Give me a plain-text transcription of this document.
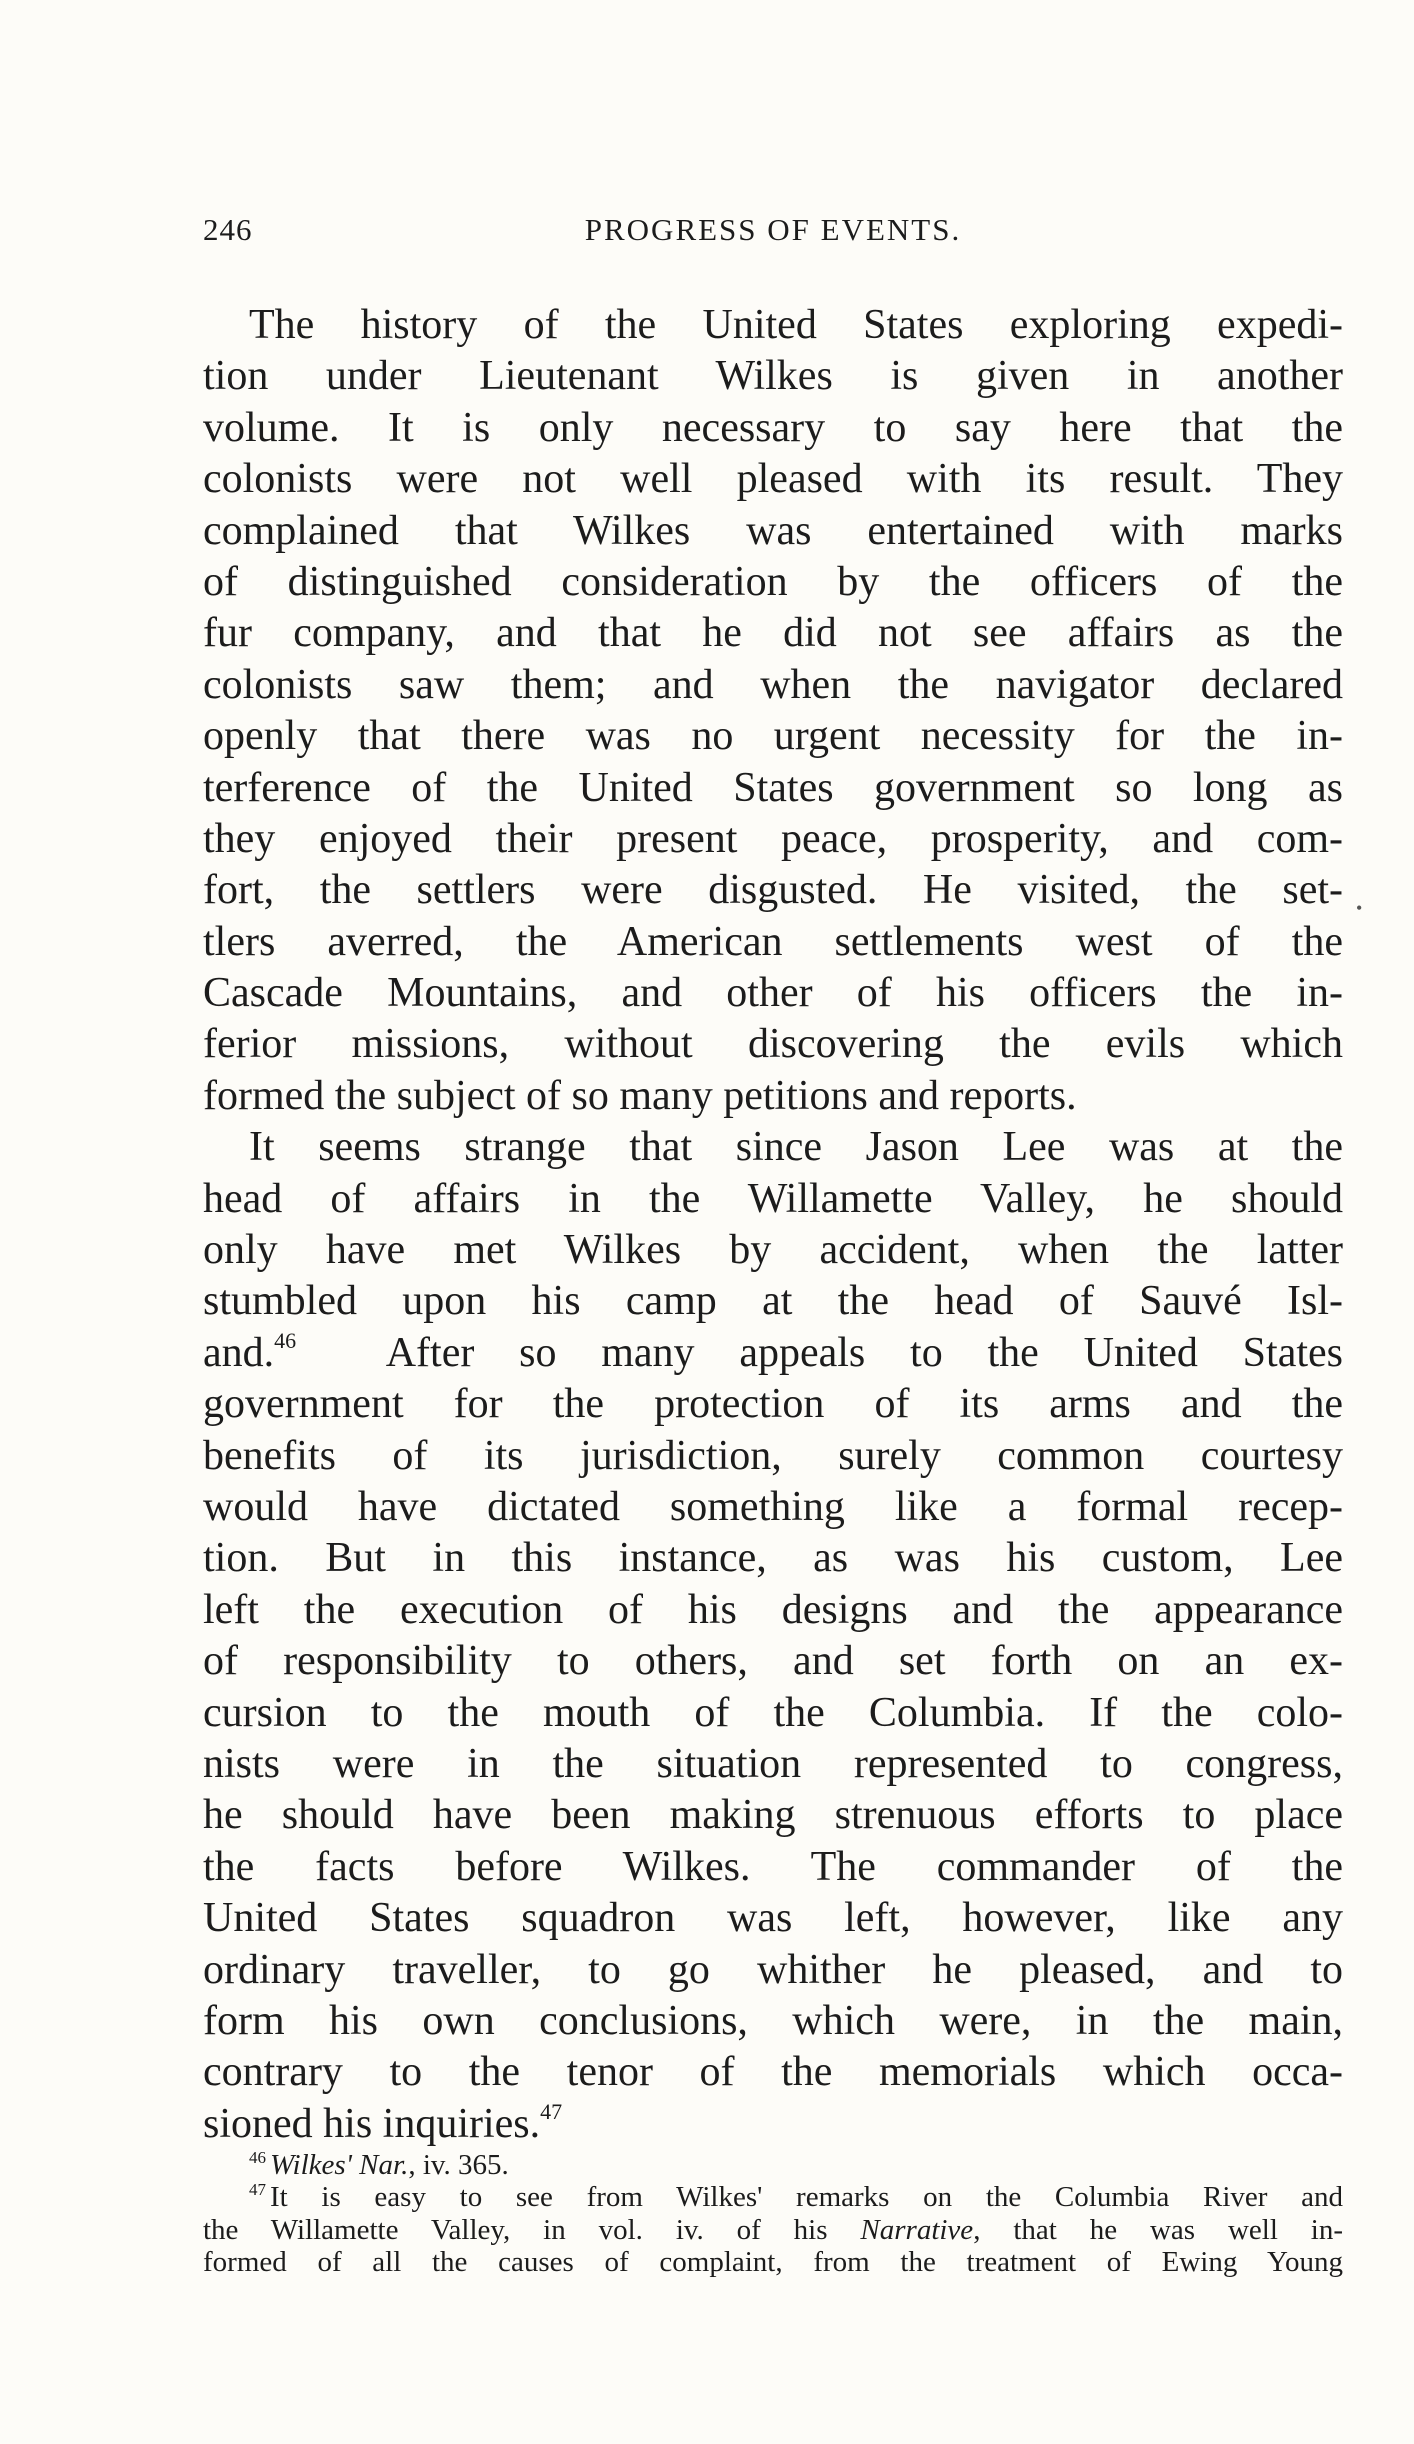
246	PROGRESS OF EVENTS.
The history of the United States exploring expedi-
tion under Lieutenant Wilkes is given in another
volume. It is only necessary to say here that the
colonists were not well pleased with its result. They
complained that Wilkes was entertained with marks
of distinguished consideration by the officers of the
fur company, and that he did not see affairs as the
colonists saw them; and when the navigator declared
openly that there was no urgent necessity for the in-
terference of the United States government so long as
they enjoyed their present peace, prosperity, and com-
fort, the settlers were disgusted. He visited, the set-
tlers averred, the American settlements west of the
Cascade Mountains, and other of his officers the in-
ferior missions, without discovering the evils which
formed the subject of so many petitions and reports.
It seems strange that since Jason Lee was at the
head of affairs in the Willamette Valley, he should
only have met Wilkes by accident, when the latter
stumbled upon his camp at the head of Sauvé Isl-
and.$^{46}$ After so many appeals to the United States
government for the protection of its arms and the
benefits of its jurisdiction, surely common courtesy
would have dictated something like a formal recep-
tion. But in this instance, as was his custom, Lee
left the execution of his designs and the appearance
of responsibility to others, and set forth on an ex-
cursion to the mouth of the Columbia. If the colo-
nists were in the situation represented to congress,
he should have been making strenuous efforts to place
the facts before Wilkes. The commander of the
United States squadron was left, however, like any
ordinary traveller, to go whither he pleased, and to
form his own conclusions, which were, in the main,
contrary to the tenor of the memorials which occa-
sioned his inquiries.$^{47}$
$^{46}$ Wilkes' Nar., iv. 365.
$^{47}$ It is easy to see from Wilkes' remarks on the Columbia River and
the Willamette Valley, in vol. iv. of his Narrative, that he was well in-
formed of all the causes of complaint, from the treatment of Ewing Young
•
